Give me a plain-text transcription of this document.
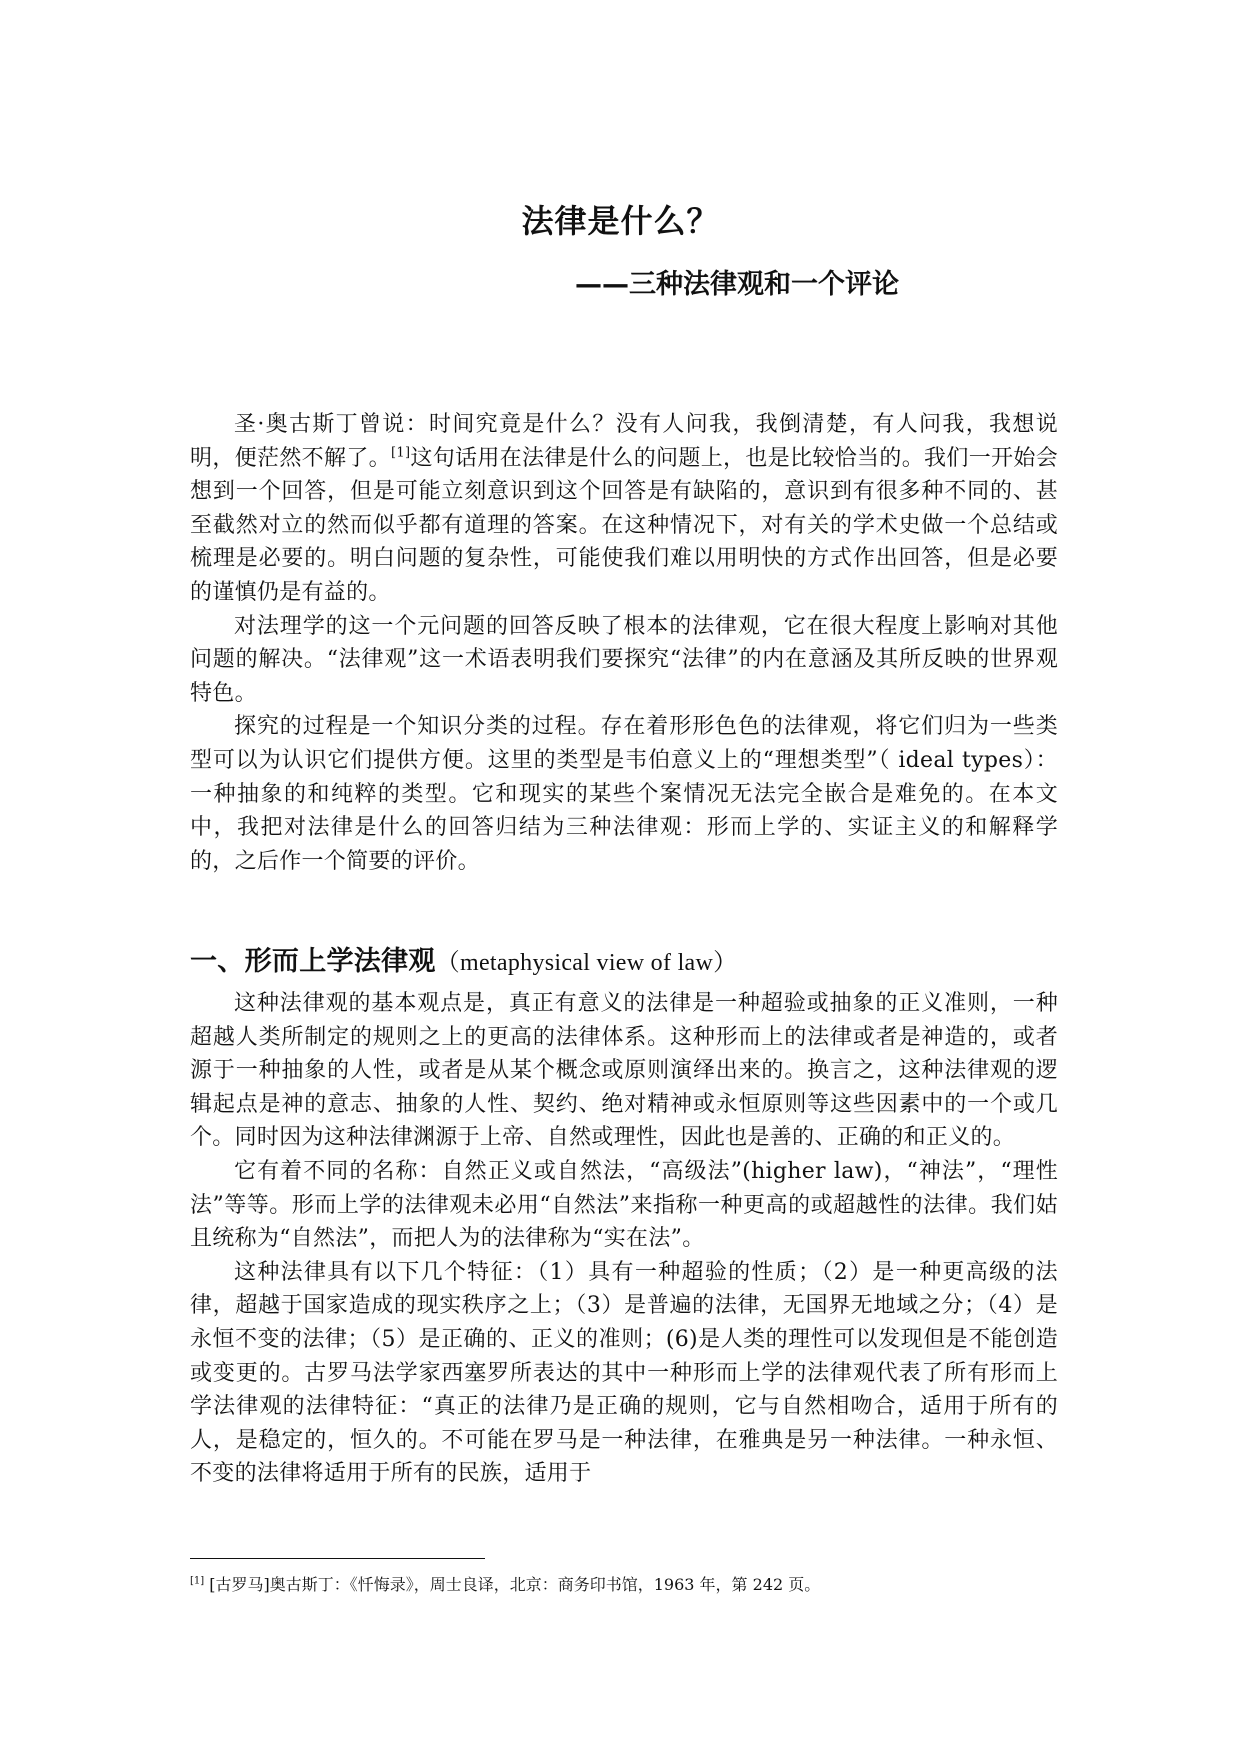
法律是什么？
——三种法律观和一个评论

圣·奥古斯丁曾说：时间究竟是什么？没有人问我，我倒清楚，有人问我，我想说明，便茫然不解了。[1]这句话用在法律是什么的问题上，也是比较恰当的。我们一开始会想到一个回答，但是可能立刻意识到这个回答是有缺陷的，意识到有很多种不同的、甚至截然对立的然而似乎都有道理的答案。在这种情况下，对有关的学术史做一个总结或梳理是必要的。明白问题的复杂性，可能使我们难以用明快的方式作出回答，但是必要的谨慎仍是有益的。

对法理学的这一个元问题的回答反映了根本的法律观，它在很大程度上影响对其他问题的解决。“法律观”这一术语表明我们要探究“法律”的内在意涵及其所反映的世界观特色。

探究的过程是一个知识分类的过程。存在着形形色色的法律观，将它们归为一些类型可以为认识它们提供方便。这里的类型是韦伯意义上的“理想类型”（ ideal types）：一种抽象的和纯粹的类型。它和现实的某些个案情况无法完全嵌合是难免的。在本文中，我把对法律是什么的回答归结为三种法律观：形而上学的、实证主义的和解释学的，之后作一个简要的评价。

一、形而上学法律观（metaphysical view of law）

这种法律观的基本观点是，真正有意义的法律是一种超验或抽象的正义准则，一种超越人类所制定的规则之上的更高的法律体系。这种形而上的法律或者是神造的，或者源于一种抽象的人性，或者是从某个概念或原则演绎出来的。换言之，这种法律观的逻辑起点是神的意志、抽象的人性、契约、绝对精神或永恒原则等这些因素中的一个或几个。同时因为这种法律渊源于上帝、自然或理性，因此也是善的、正确的和正义的。

它有着不同的名称：自然正义或自然法，“高级法”(higher law)，“神法”，“理性法”等等。形而上学的法律观未必用“自然法”来指称一种更高的或超越性的法律。我们姑且统称为“自然法”，而把人为的法律称为“实在法”。

这种法律具有以下几个特征：（1）具有一种超验的性质；（2）是一种更高级的法律，超越于国家造成的现实秩序之上；（3）是普遍的法律，无国界无地域之分；（4）是永恒不变的法律；（5）是正确的、正义的准则；(6)是人类的理性可以发现但是不能创造或变更的。古罗马法学家西塞罗所表达的其中一种形而上学的法律观代表了所有形而上学法律观的法律特征：“真正的法律乃是正确的规则，它与自然相吻合，适用于所有的人，是稳定的，恒久的。不可能在罗马是一种法律，在雅典是另一种法律。一种永恒、不变的法律将适用于所有的民族，适用于

[1] [古罗马]奥古斯丁：《忏悔录》，周士良译，北京：商务印书馆，1963 年，第 242 页。
